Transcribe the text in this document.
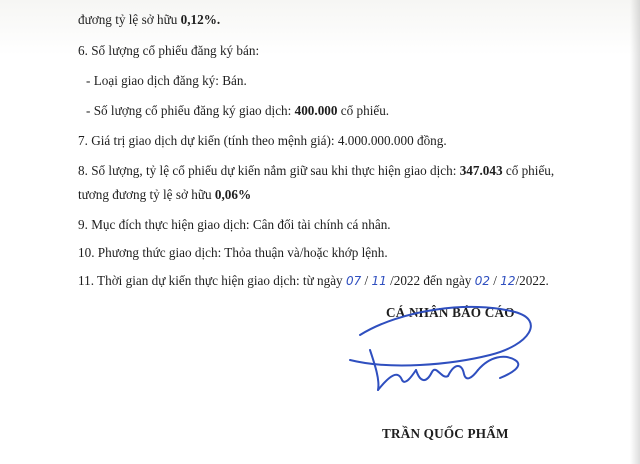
đương tỷ lệ sở hữu 0,12%.
6. Số lượng cổ phiếu đăng ký bán:
- Loại giao dịch đăng ký: Bán.
- Số lượng cổ phiếu đăng ký giao dịch: 400.000 cổ phiếu.
7. Giá trị giao dịch dự kiến (tính theo mệnh giá): 4.000.000.000 đồng.
8. Số lượng, tỷ lệ cổ phiếu dự kiến nắm giữ sau khi thực hiện giao dịch: 347.043 cổ phiếu,
tương đương tỷ lệ sở hữu 0,06%
9. Mục đích thực hiện giao dịch: Cân đối tài chính cá nhân.
10. Phương thức giao dịch: Thỏa thuận và/hoặc khớp lệnh.
11. Thời gian dự kiến thực hiện giao dịch: từ ngày 07 / 11 /2022 đến ngày 02 / 12/2022.
CÁ NHÂN BÁO CÁO
TRẦN QUỐC PHẨM
